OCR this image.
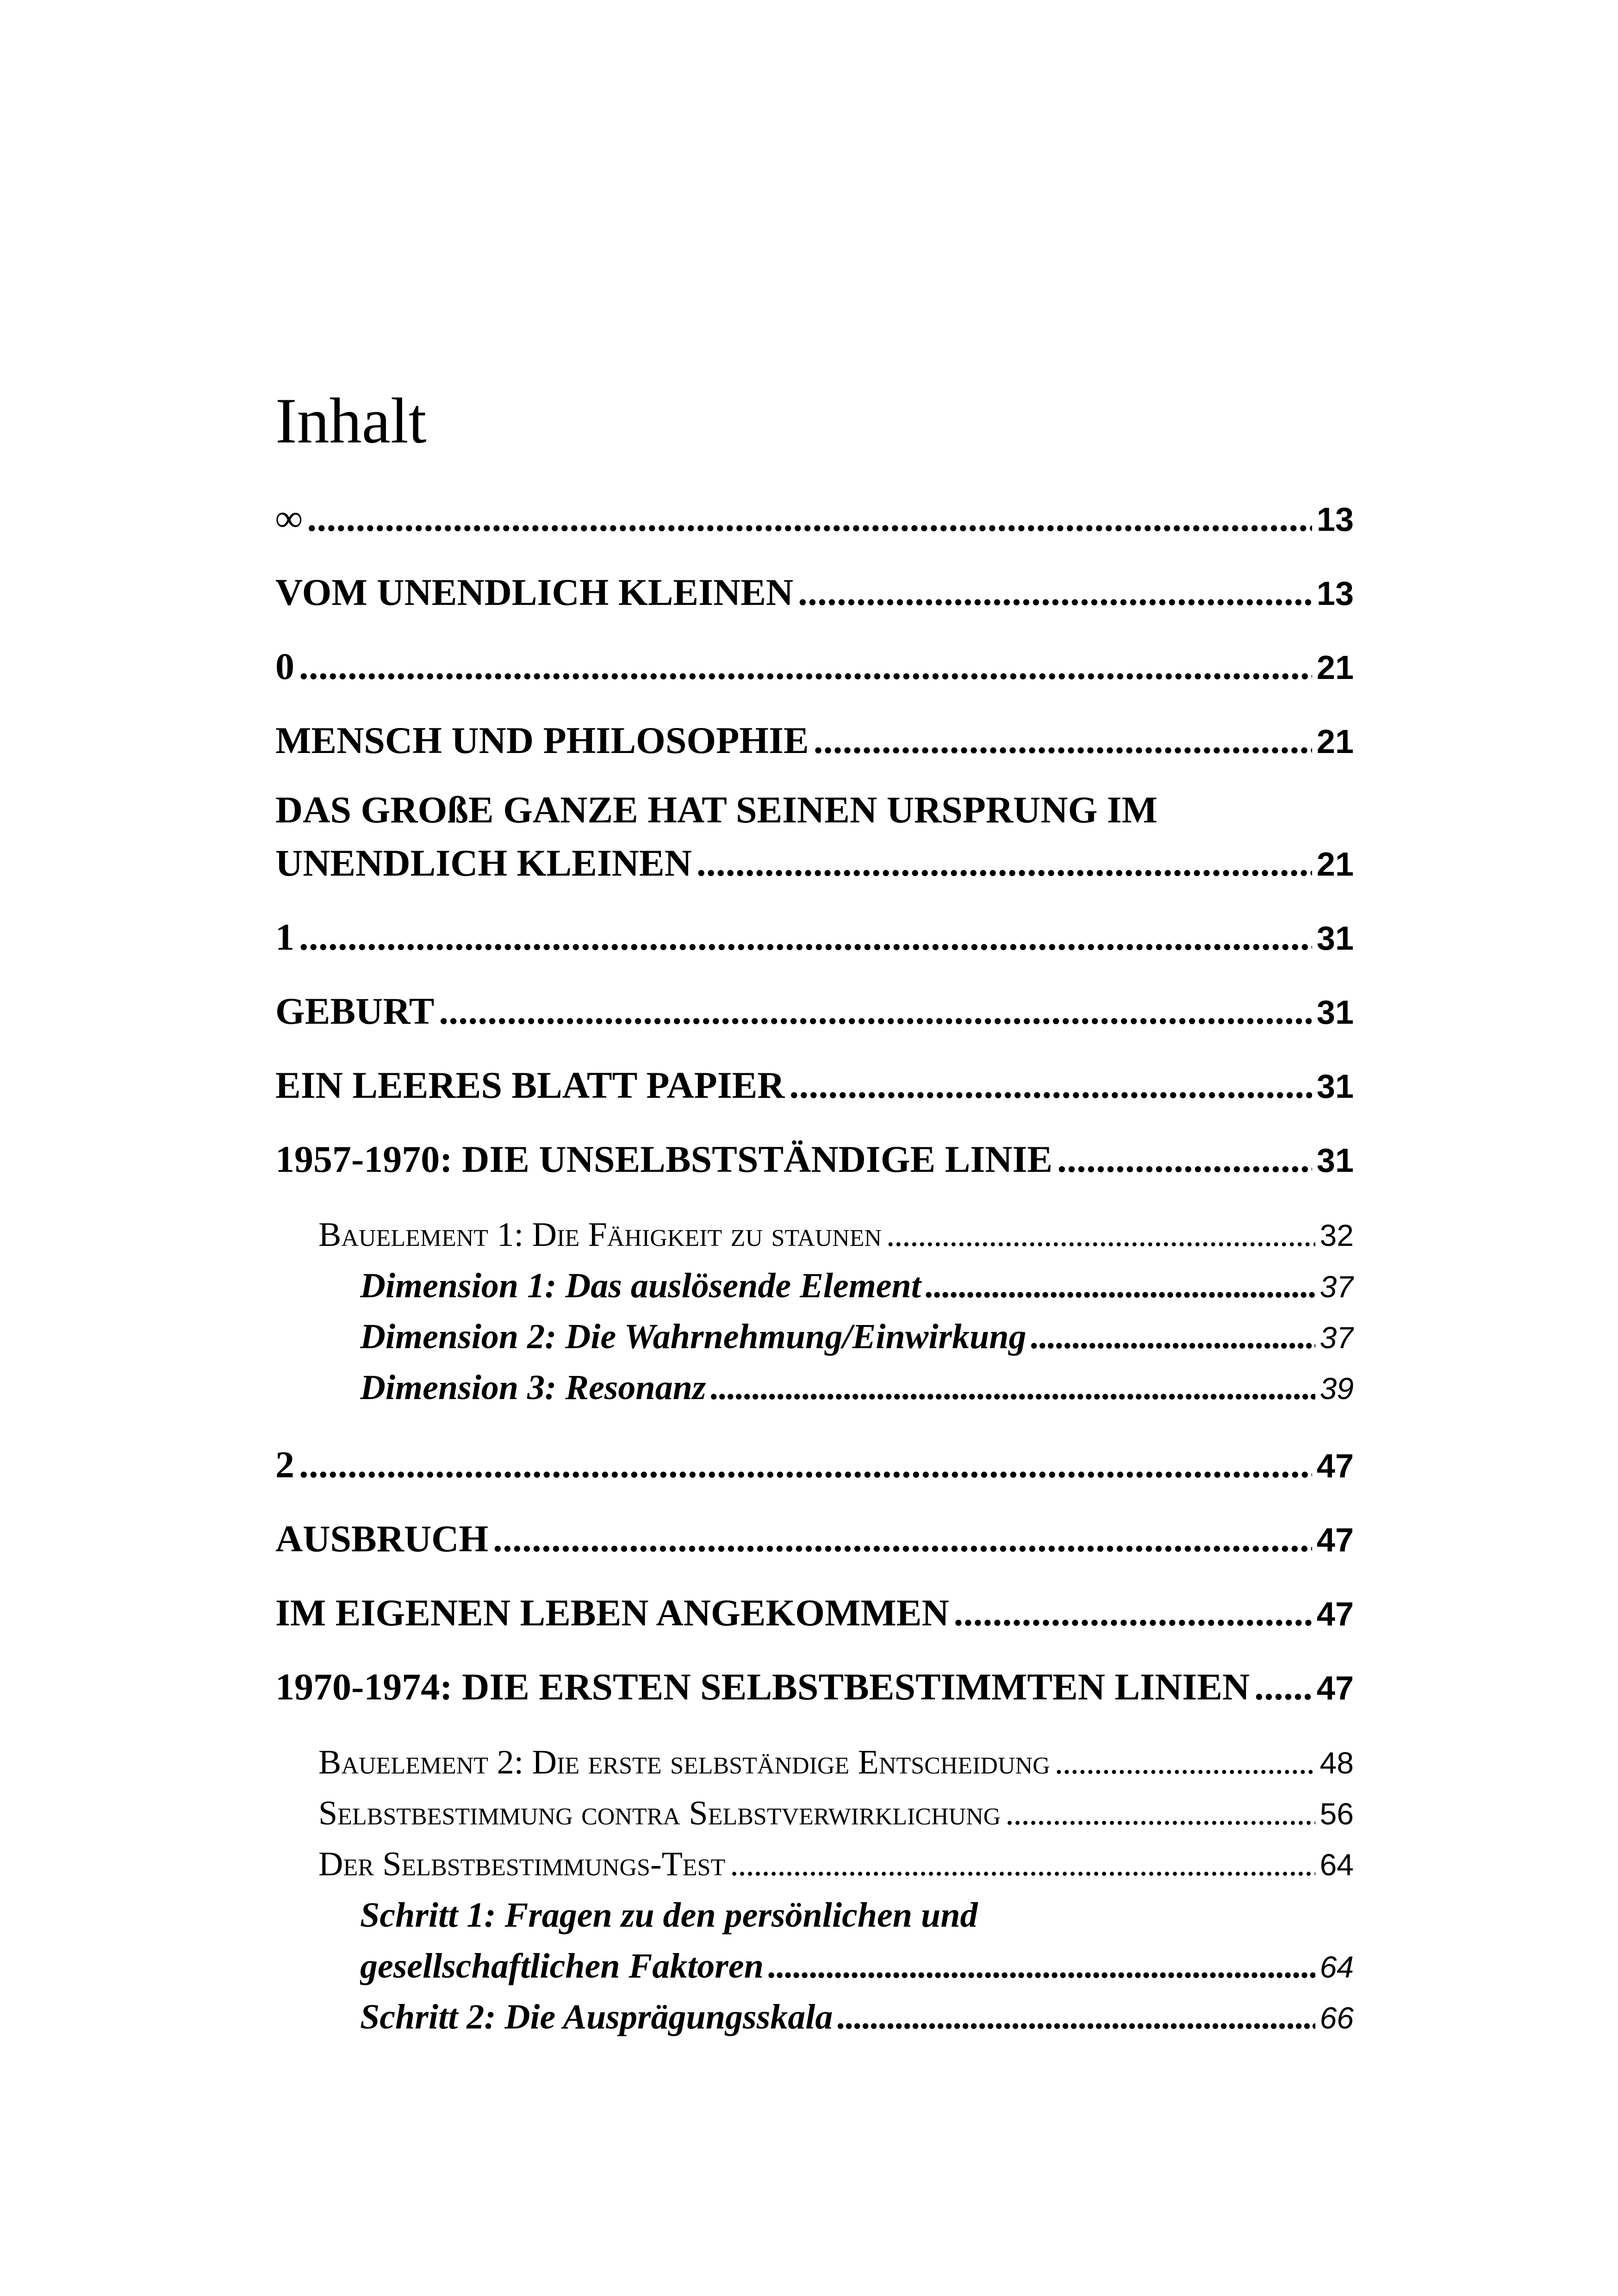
Inhalt
∞ . . .	13
VOM UNENDLICH KLEINEN . . .	13
0 . . .	21
MENSCH UND PHILOSOPHIE . . .	21
DAS GROßE GANZE HAT SEINEN URSPRUNG IM
UNENDLICH KLEINEN . . .	21
1 . . .	31
GEBURT . . .	31
EIN LEERES BLATT PAPIER . . .	31
1957-1970: DIE UNSELBSTSTÄNDIGE LINIE . . .	31
Bauelement 1: Die Fähigkeit zu staunen . . .	32
Dimension 1: Das auslösende Element . . .	37
Dimension 2: Die Wahrnehmung/Einwirkung . . .	37
Dimension 3: Resonanz . . .	39
2 . . .	47
AUSBRUCH . . .	47
IM EIGENEN LEBEN ANGEKOMMEN . . .	47
1970-1974: DIE ERSTEN SELBSTBESTIMMTEN LINIEN . . . 47
Bauelement 2: Die erste selbständige Entscheidung . . .	48
Selbstbestimmung contra Selbstverwirklichung . . .	56
Der Selbstbestimmungs-Test . . .	64
Schritt 1: Fragen zu den persönlichen und
gesellschaftlichen Faktoren . . .	64
Schritt 2: Die Ausprägungsskala . . .	66
